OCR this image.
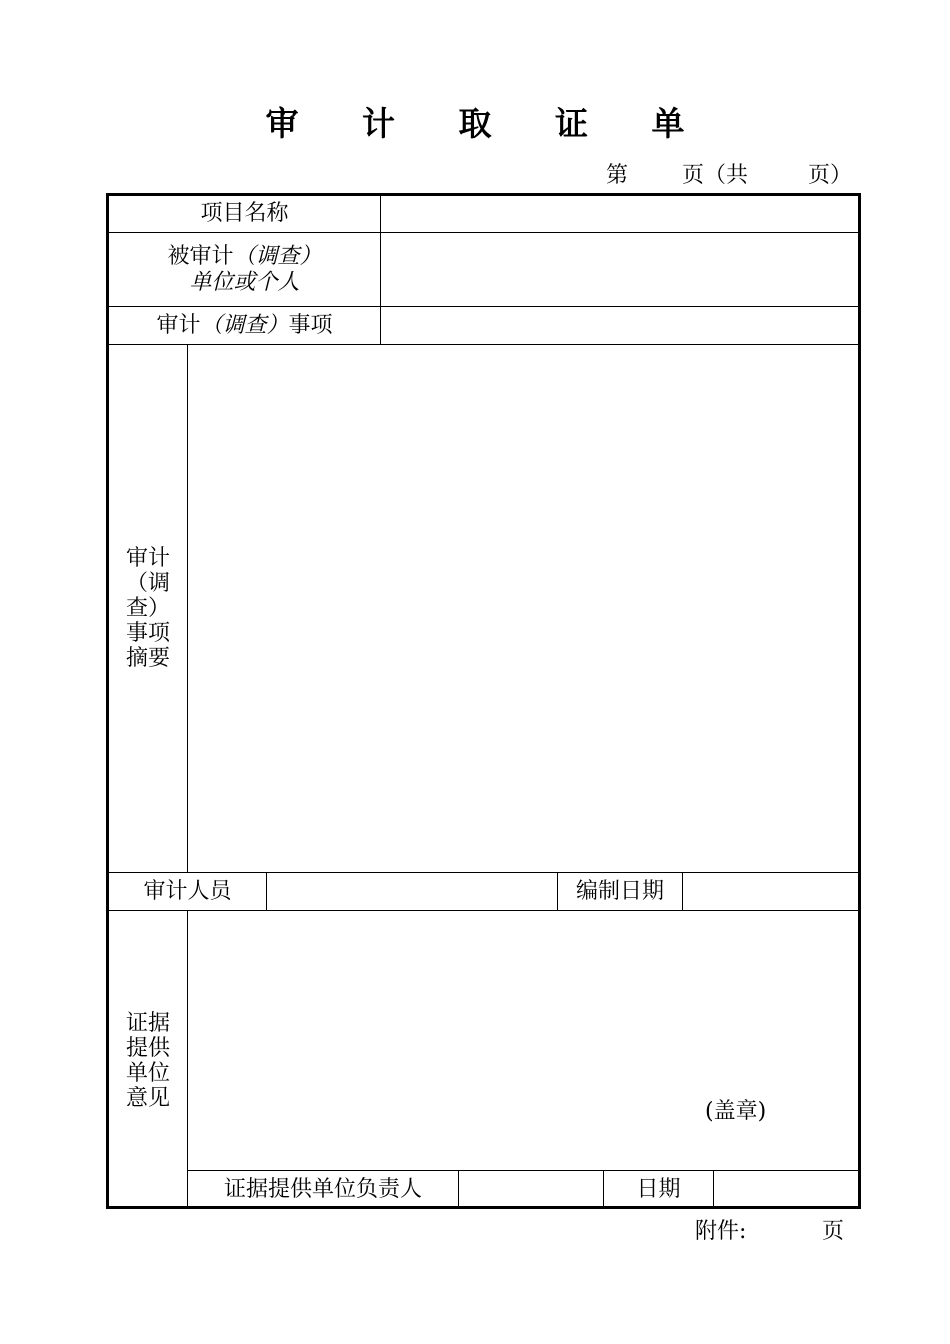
审 计 取 证 单
第 页（共	页）
项目名称
被审计（调查）
单位或个人
审计 （调查） 事项
审计
（调
查）
事项
摘要
审计人员	编制日期
证据
提供
单位
意见
(盖章)
证据提供单位负责人	日期
附件:	页
